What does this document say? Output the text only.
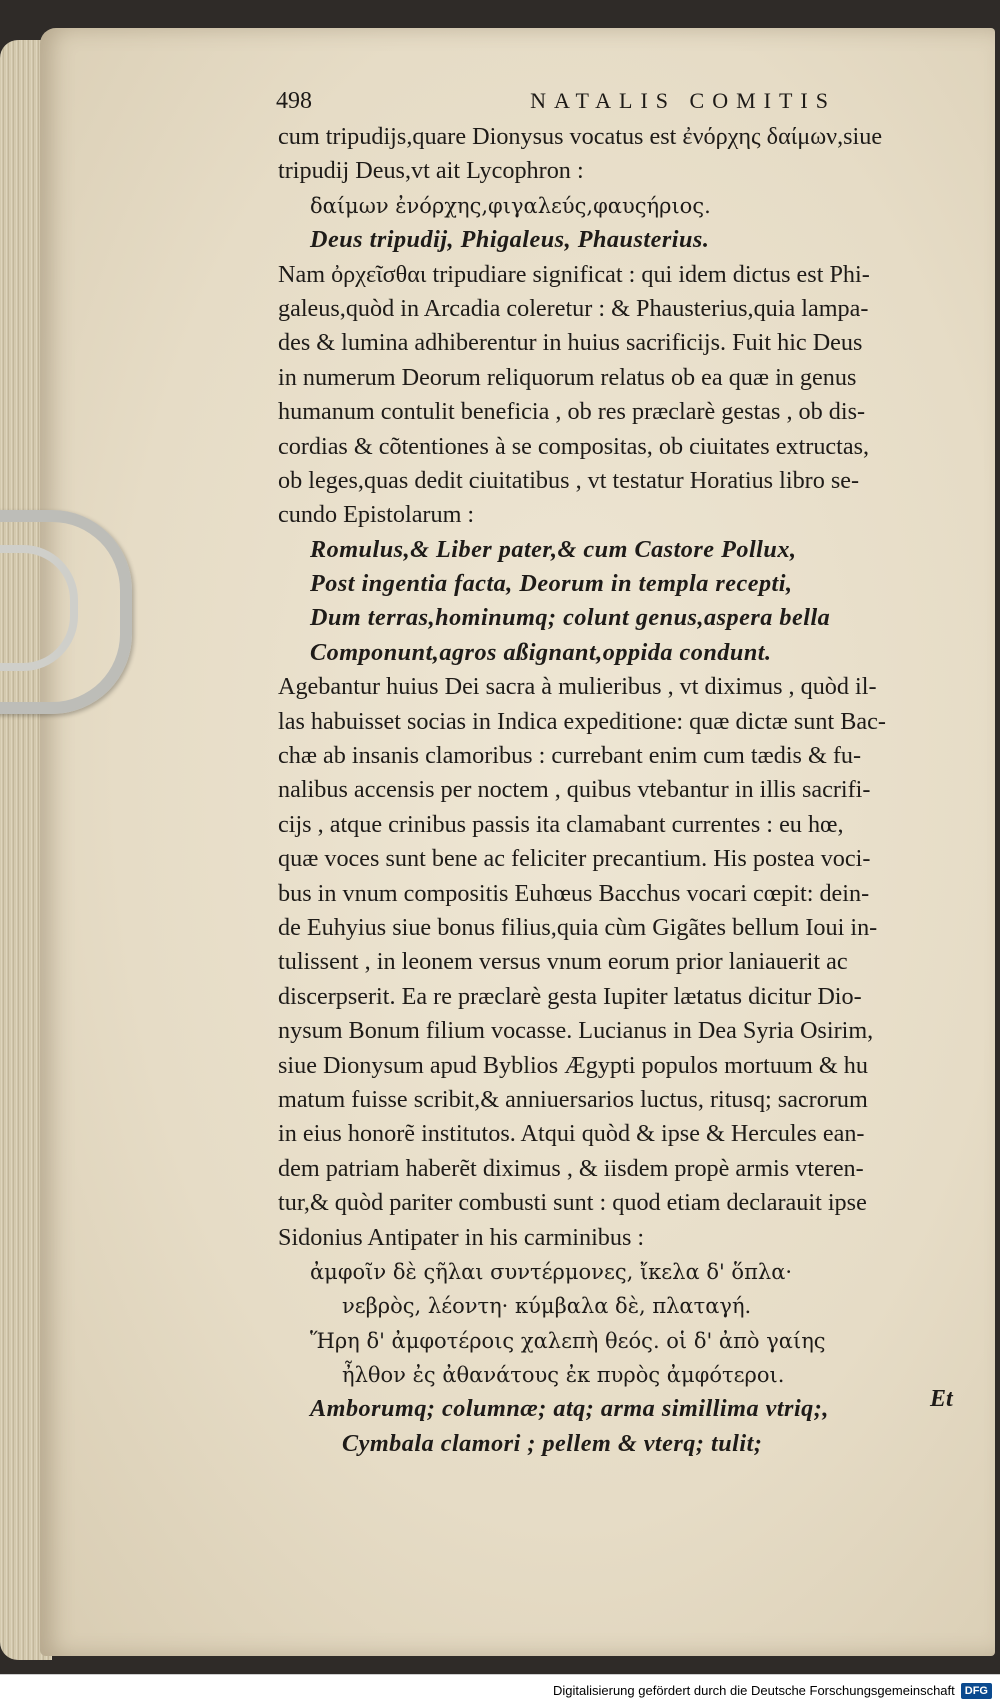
498	NATALIS COMITIS
cum tripudijs,quare Dionysus vocatus est ἐνόρχης δαίμων,siue
tripudij Deus,vt ait Lycophron :
δαίμων ἐνόρχης,φιγαλεύς,φαυςήριος.
Deus tripudij, Phigaleus, Phausterius.
Nam ὀρχεῖσθαι tripudiare significat : qui idem dictus est Phi-
galeus,quòd in Arcadia coleretur : & Phausterius,quia lampa-
des & lumina adhiberentur in huius sacrificijs. Fuit hic Deus
in numerum Deorum reliquorum relatus ob ea quæ in genus
humanum contulit beneficia , ob res præclarè gestas , ob dis-
cordias & cõtentiones à se compositas, ob ciuitates extructas,
ob leges,quas dedit ciuitatibus , vt testatur Horatius libro se-
cundo Epistolarum :
Romulus,& Liber pater,& cum Castore Pollux,
Post ingentia facta, Deorum in templa recepti,
Dum terras,hominumq; colunt genus,aspera bella
Componunt,agros aßignant,oppida condunt.
Agebantur huius Dei sacra à mulieribus , vt diximus , quòd il-
las habuisset socias in Indica expeditione: quæ dictæ sunt Bac-
chæ ab insanis clamoribus : currebant enim cum tædis & fu-
nalibus accensis per noctem , quibus vtebantur in illis sacrifi-
cijs , atque crinibus passis ita clamabant currentes : eu hœ,
quæ voces sunt bene ac feliciter precantium. His postea voci-
bus in vnum compositis Euhœus Bacchus vocari cœpit: dein-
de Euhyius siue bonus filius,quia cùm Gigãtes bellum Ioui in-
tulissent , in leonem versus vnum eorum prior laniauerit ac
discerpserit. Ea re præclarè gesta Iupiter lætatus dicitur Dio-
nysum Bonum filium vocasse. Lucianus in Dea Syria Osirim,
siue Dionysum apud Byblios Ægypti populos mortuum & hu
matum fuisse scribit,& anniuersarios luctus, ritusq; sacrorum
in eius honorẽ institutos. Atqui quòd & ipse & Hercules ean-
dem patriam haberẽt diximus , & iisdem propè armis vteren-
tur,& quòd pariter combusti sunt : quod etiam declarauit ipse
Sidonius Antipater in his carminibus :
ἀμφοῖν δὲ ςῆλαι συντέρμονες, ἴκελα δ' ὅπλα·
νεβρὸς, λέοντη· κύμβαλα δὲ, πλαταγή.
Ἥρη δ' ἀμφοτέροις χαλεπὴ θεός. οἱ δ' ἀπὸ γαίης
ἦλθον ἐς ἀθανάτους ἐκ πυρὸς ἀμφότεροι.
Amborumq; columnæ; atq; arma simillima vtriq;,
Cymbala clamori ; pellem & vterq; tulit;
Et
Digitalisierung gefördert durch die Deutsche Forschungsgemeinschaft DFG
